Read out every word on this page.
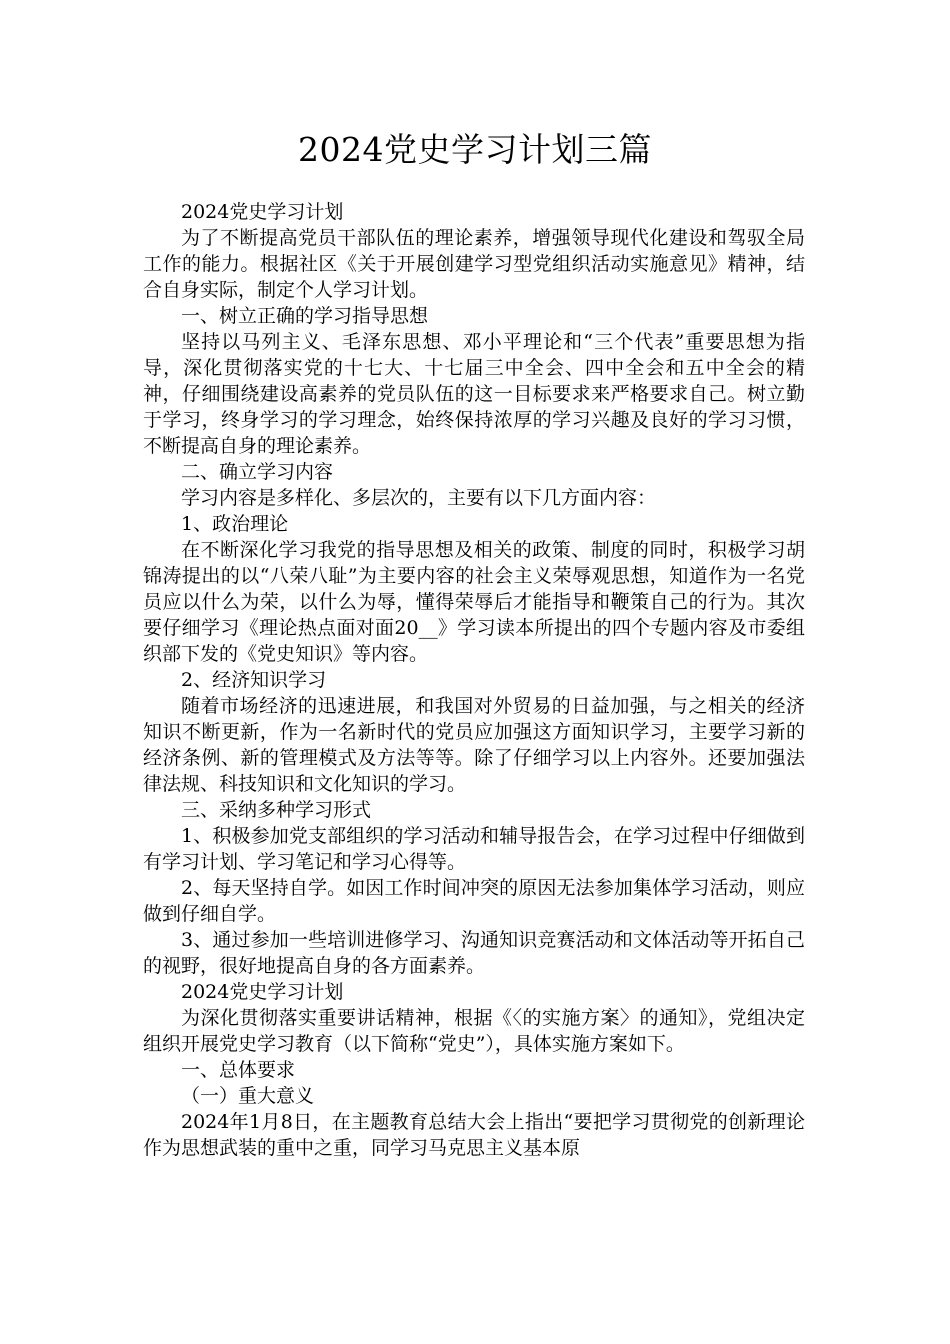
2024党史学习计划三篇

2024党史学习计划

为了不断提高党员干部队伍的理论素养，增强领导现代化建设和驾驭全局工作的能力。根据社区《关于开展创建学习型党组织活动实施意见》精神，结合自身实际，制定个人学习计划。

一、树立正确的学习指导思想

坚持以马列主义、毛泽东思想、邓小平理论和“三个代表”重要思想为指导，深化贯彻落实党的十七大、十七届三中全会、四中全会和五中全会的精神，仔细围绕建设高素养的党员队伍的这一目标要求来严格要求自己。树立勤于学习，终身学习的学习理念，始终保持浓厚的学习兴趣及良好的学习习惯，不断提高自身的理论素养。

二、确立学习内容

学习内容是多样化、多层次的，主要有以下几方面内容：

1、政治理论

在不断深化学习我党的指导思想及相关的政策、制度的同时，积极学习胡锦涛提出的以“八荣八耻”为主要内容的社会主义荣辱观思想，知道作为一名党员应以什么为荣，以什么为辱，懂得荣辱后才能指导和鞭策自己的行为。其次要仔细学习《理论热点面对面20__》学习读本所提出的四个专题内容及市委组织部下发的《党史知识》等内容。

2、经济知识学习

随着市场经济的迅速进展，和我国对外贸易的日益加强，与之相关的经济知识不断更新，作为一名新时代的党员应加强这方面知识学习，主要学习新的经济条例、新的管理模式及方法等等。除了仔细学习以上内容外。还要加强法律法规、科技知识和文化知识的学习。

三、采纳多种学习形式

1、积极参加党支部组织的学习活动和辅导报告会，在学习过程中仔细做到有学习计划、学习笔记和学习心得等。

2、每天坚持自学。如因工作时间冲突的原因无法参加集体学习活动，则应做到仔细自学。

3、通过参加一些培训进修学习、沟通知识竞赛活动和文体活动等开拓自己的视野，很好地提高自身的各方面素养。

2024党史学习计划

为深化贯彻落实重要讲话精神，根据《〈的实施方案〉的通知》，党组决定组织开展党史学习教育（以下简称“党史”），具体实施方案如下。

一、总体要求

（一）重大意义

2024年1月8日，在主题教育总结大会上指出“要把学习贯彻党的创新理论作为思想武装的重中之重，同学习马克思主义基本原
